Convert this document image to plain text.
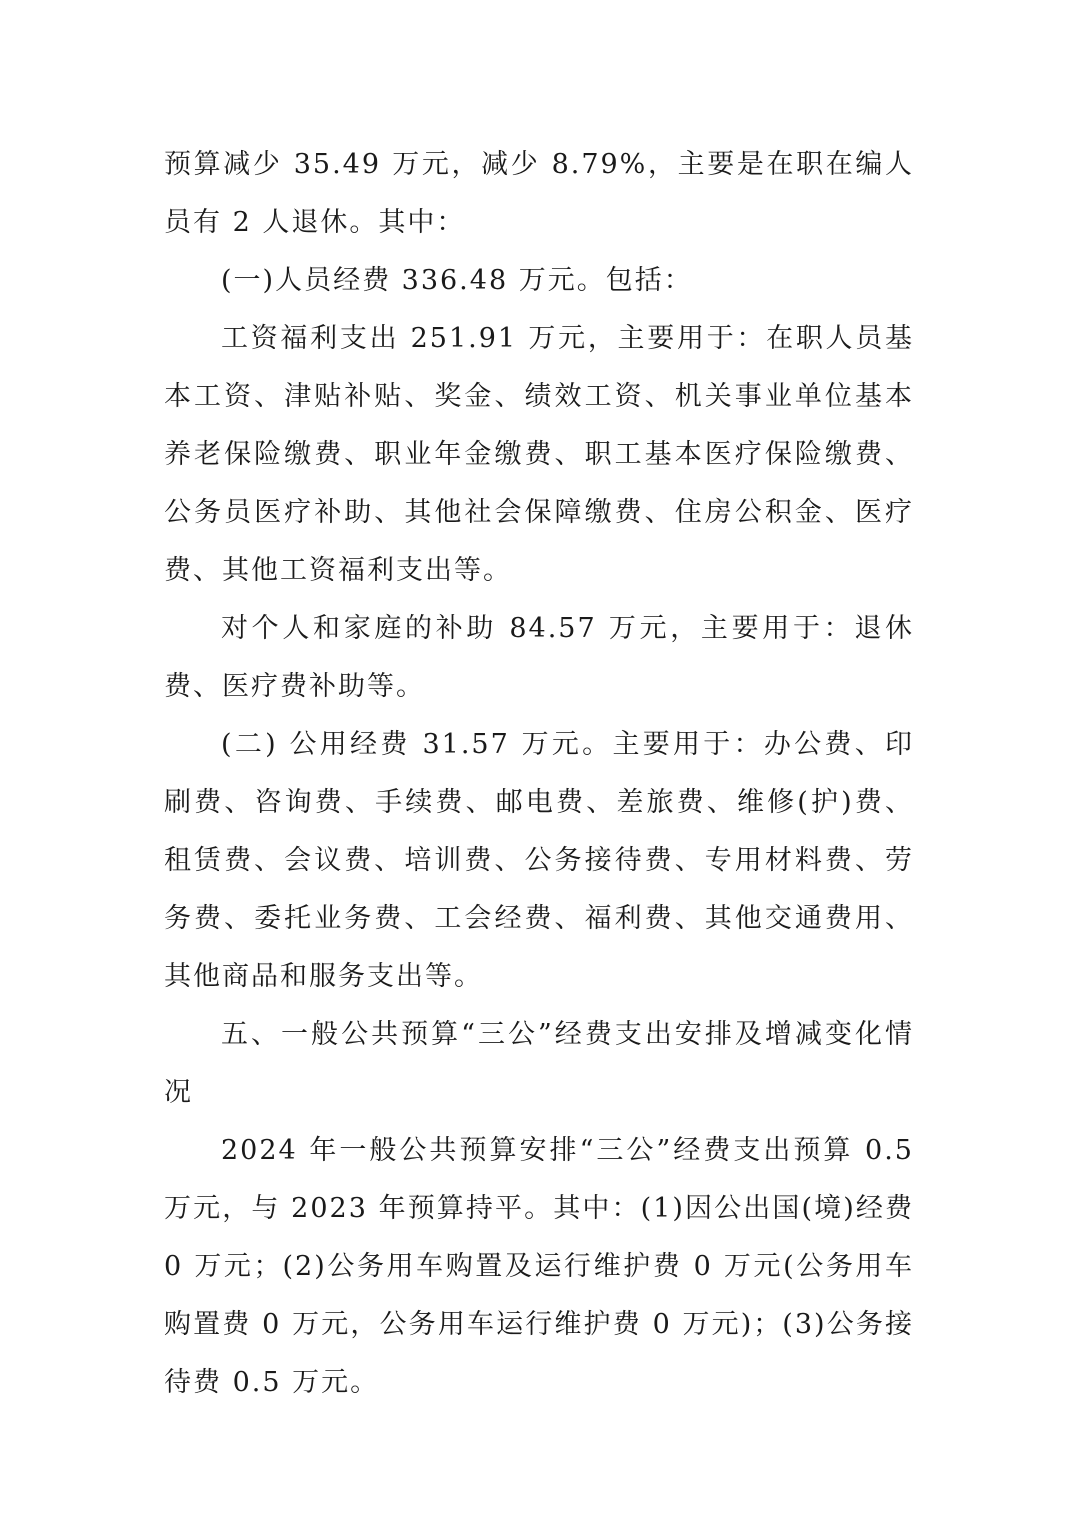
预算减少 35.49 万元，减少 8.79%，主要是在职在编人员有 2 人退休。其中：

(一)人员经费 336.48 万元。包括：

工资福利支出 251.91 万元，主要用于：在职人员基本工资、津贴补贴、奖金、绩效工资、机关事业单位基本养老保险缴费、职业年金缴费、职工基本医疗保险缴费、公务员医疗补助、其他社会保障缴费、住房公积金、医疗费、其他工资福利支出等。

对个人和家庭的补助 84.57 万元，主要用于：退休费、医疗费补助等。

(二) 公用经费 31.57 万元。主要用于：办公费、印刷费、咨询费、手续费、邮电费、差旅费、维修(护)费、租赁费、会议费、培训费、公务接待费、专用材料费、劳务费、委托业务费、工会经费、福利费、其他交通费用、其他商品和服务支出等。

五、一般公共预算“三公”经费支出安排及增减变化情况

2024 年一般公共预算安排“三公”经费支出预算 0.5 万元，与 2023 年预算持平。其中：(1)因公出国(境)经费 0 万元；(2)公务用车购置及运行维护费 0 万元(公务用车购置费 0 万元，公务用车运行维护费 0 万元)；(3)公务接待费 0.5 万元。
